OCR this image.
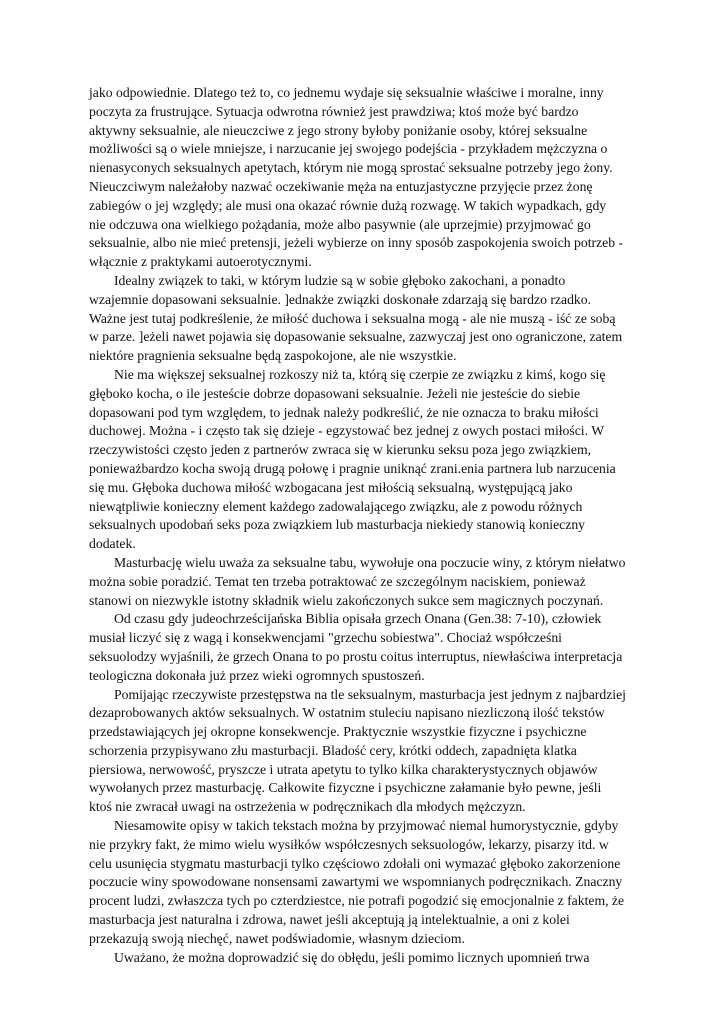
jako odpowiednie. Dlatego też to, co jednemu wydaje się seksualnie właściwe i moralne, inny poczyta za frustrujące. Sytuacja odwrotna również jest prawdziwa; ktoś może być bardzo aktywny seksualnie, ale nieuczciwe z jego strony byłoby poniżanie osoby, której seksualne możliwości są o wiele mniejsze, i narzucanie jej swojego podejścia - przykładem mężczyzna o nienasyconych seksualnych apetytach, którym nie mogą sprostać seksualne potrzeby jego żony. Nieuczciwym należałoby nazwać oczekiwanie męża na entuzjastyczne przyjęcie przez żonę zabiegów o jej względy; ale musi ona okazać równie dużą rozwagę. W takich wypadkach, gdy nie odczuwa ona wielkiego pożądania, może albo pasywnie (ale uprzejmie) przyjmować go seksualnie, albo nie mieć pretensji, jeżeli wybierze on inny sposób zaspokojenia swoich potrzeb - włącznie z praktykami autoerotycznymi.

Idealny związek to taki, w którym ludzie są w sobie głęboko zakochani, a ponadto wzajemnie dopasowani seksualnie. ]ednakże związki doskonałe zdarzają się bardzo rzadko. Ważne jest tutaj podkreślenie, że miłość duchowa i seksualna mogą - ale nie muszą - iść ze sobą w parze. ]eżeli nawet pojawia się dopasowanie seksualne, zazwyczaj jest ono ograniczone, zatem niektóre pragnienia seksualne będą zaspokojone, ale nie wszystkie.

Nie ma większej seksualnej rozkoszy niż ta, którą się czerpie ze związku z kimś, kogo się głęboko kocha, o ile jesteście dobrze dopasowani seksualnie. Jeżeli nie jesteście do siebie dopasowani pod tym względem, to jednak należy podkreślić, że nie oznacza to braku miłości duchowej. Można - i często tak się dzieje - egzystować bez jednej z owych postaci miłości. W rzeczywistości często jeden z partnerów zwraca się w kierunku seksu poza jego związkiem, ponieważbardzo kocha swoją drugą połowę i pragnie uniknąć zrani.enia partnera lub narzucenia się mu. Głęboka duchowa miłość wzbogacana jest miłością seksualną, występującą jako niewątpliwie konieczny element każdego zadowalającego związku, ale z powodu różnych seksualnych upodobań seks poza związkiem lub masturbacja niekiedy stanowią konieczny dodatek.

Masturbację wielu uważa za seksualne tabu, wywołuje ona poczucie winy, z którym niełatwo można sobie poradzić. Temat ten trzeba potraktować ze szczególnym naciskiem, ponieważ stanowi on niezwykle istotny składnik wielu zakończonych sukce sem magicznych poczynań.

Od czasu gdy judeochrześcijańska Biblia opisała grzech Onana (Gen.38: 7-10), człowiek musiał liczyć się z wagą i konsekwencjami "grzechu sobiestwa". Chociaż współcześni seksuolodzy wyjaśnili, że grzech Onana to po prostu coitus interruptus, niewłaściwa interpretacja teologiczna dokonała już przez wieki ogromnych spustoszeń.

Pomijając rzeczywiste przestępstwa na tle seksualnym, masturbacja jest jednym z najbardziej dezaprobowanych aktów seksualnych. W ostatnim stuleciu napisano niezliczoną ilość tekstów przedstawiających jej okropne konsekwencje. Praktycznie wszystkie fizyczne i psychiczne schorzenia przypisywano złu masturbacji. Bladość cery, krótki oddech, zapadnięta klatka piersiowa, nerwowość, pryszcze i utrata apetytu to tylko kilka charakterystycznych objawów wywołanych przez masturbację. Całkowite fizyczne i psychiczne załamanie było pewne, jeśli ktoś nie zwracał uwagi na ostrzeżenia w podręcznikach dla młodych mężczyzn.

Niesamowite opisy w takich tekstach można by przyjmować niemal humorystycznie, gdyby nie przykry fakt, że mimo wielu wysiłków współczesnych seksuologów, lekarzy, pisarzy itd. w celu usunięcia stygmatu masturbacji tylko częściowo zdołali oni wymazać głęboko zakorzenione poczucie winy spowodowane nonsensami zawartymi we wspomnianych podręcznikach. Znaczny procent ludzi, zwłaszcza tych po czterdziestce, nie potrafi pogodzić się emocjonalnie z faktem, że masturbacja jest naturalna i zdrowa, nawet jeśli akceptują ją intelektualnie, a oni z kolei przekazują swoją niechęć, nawet podświadomie, własnym dzieciom.

Uważano, że można doprowadzić się do obłędu, jeśli pomimo licznych upomnień trwa
